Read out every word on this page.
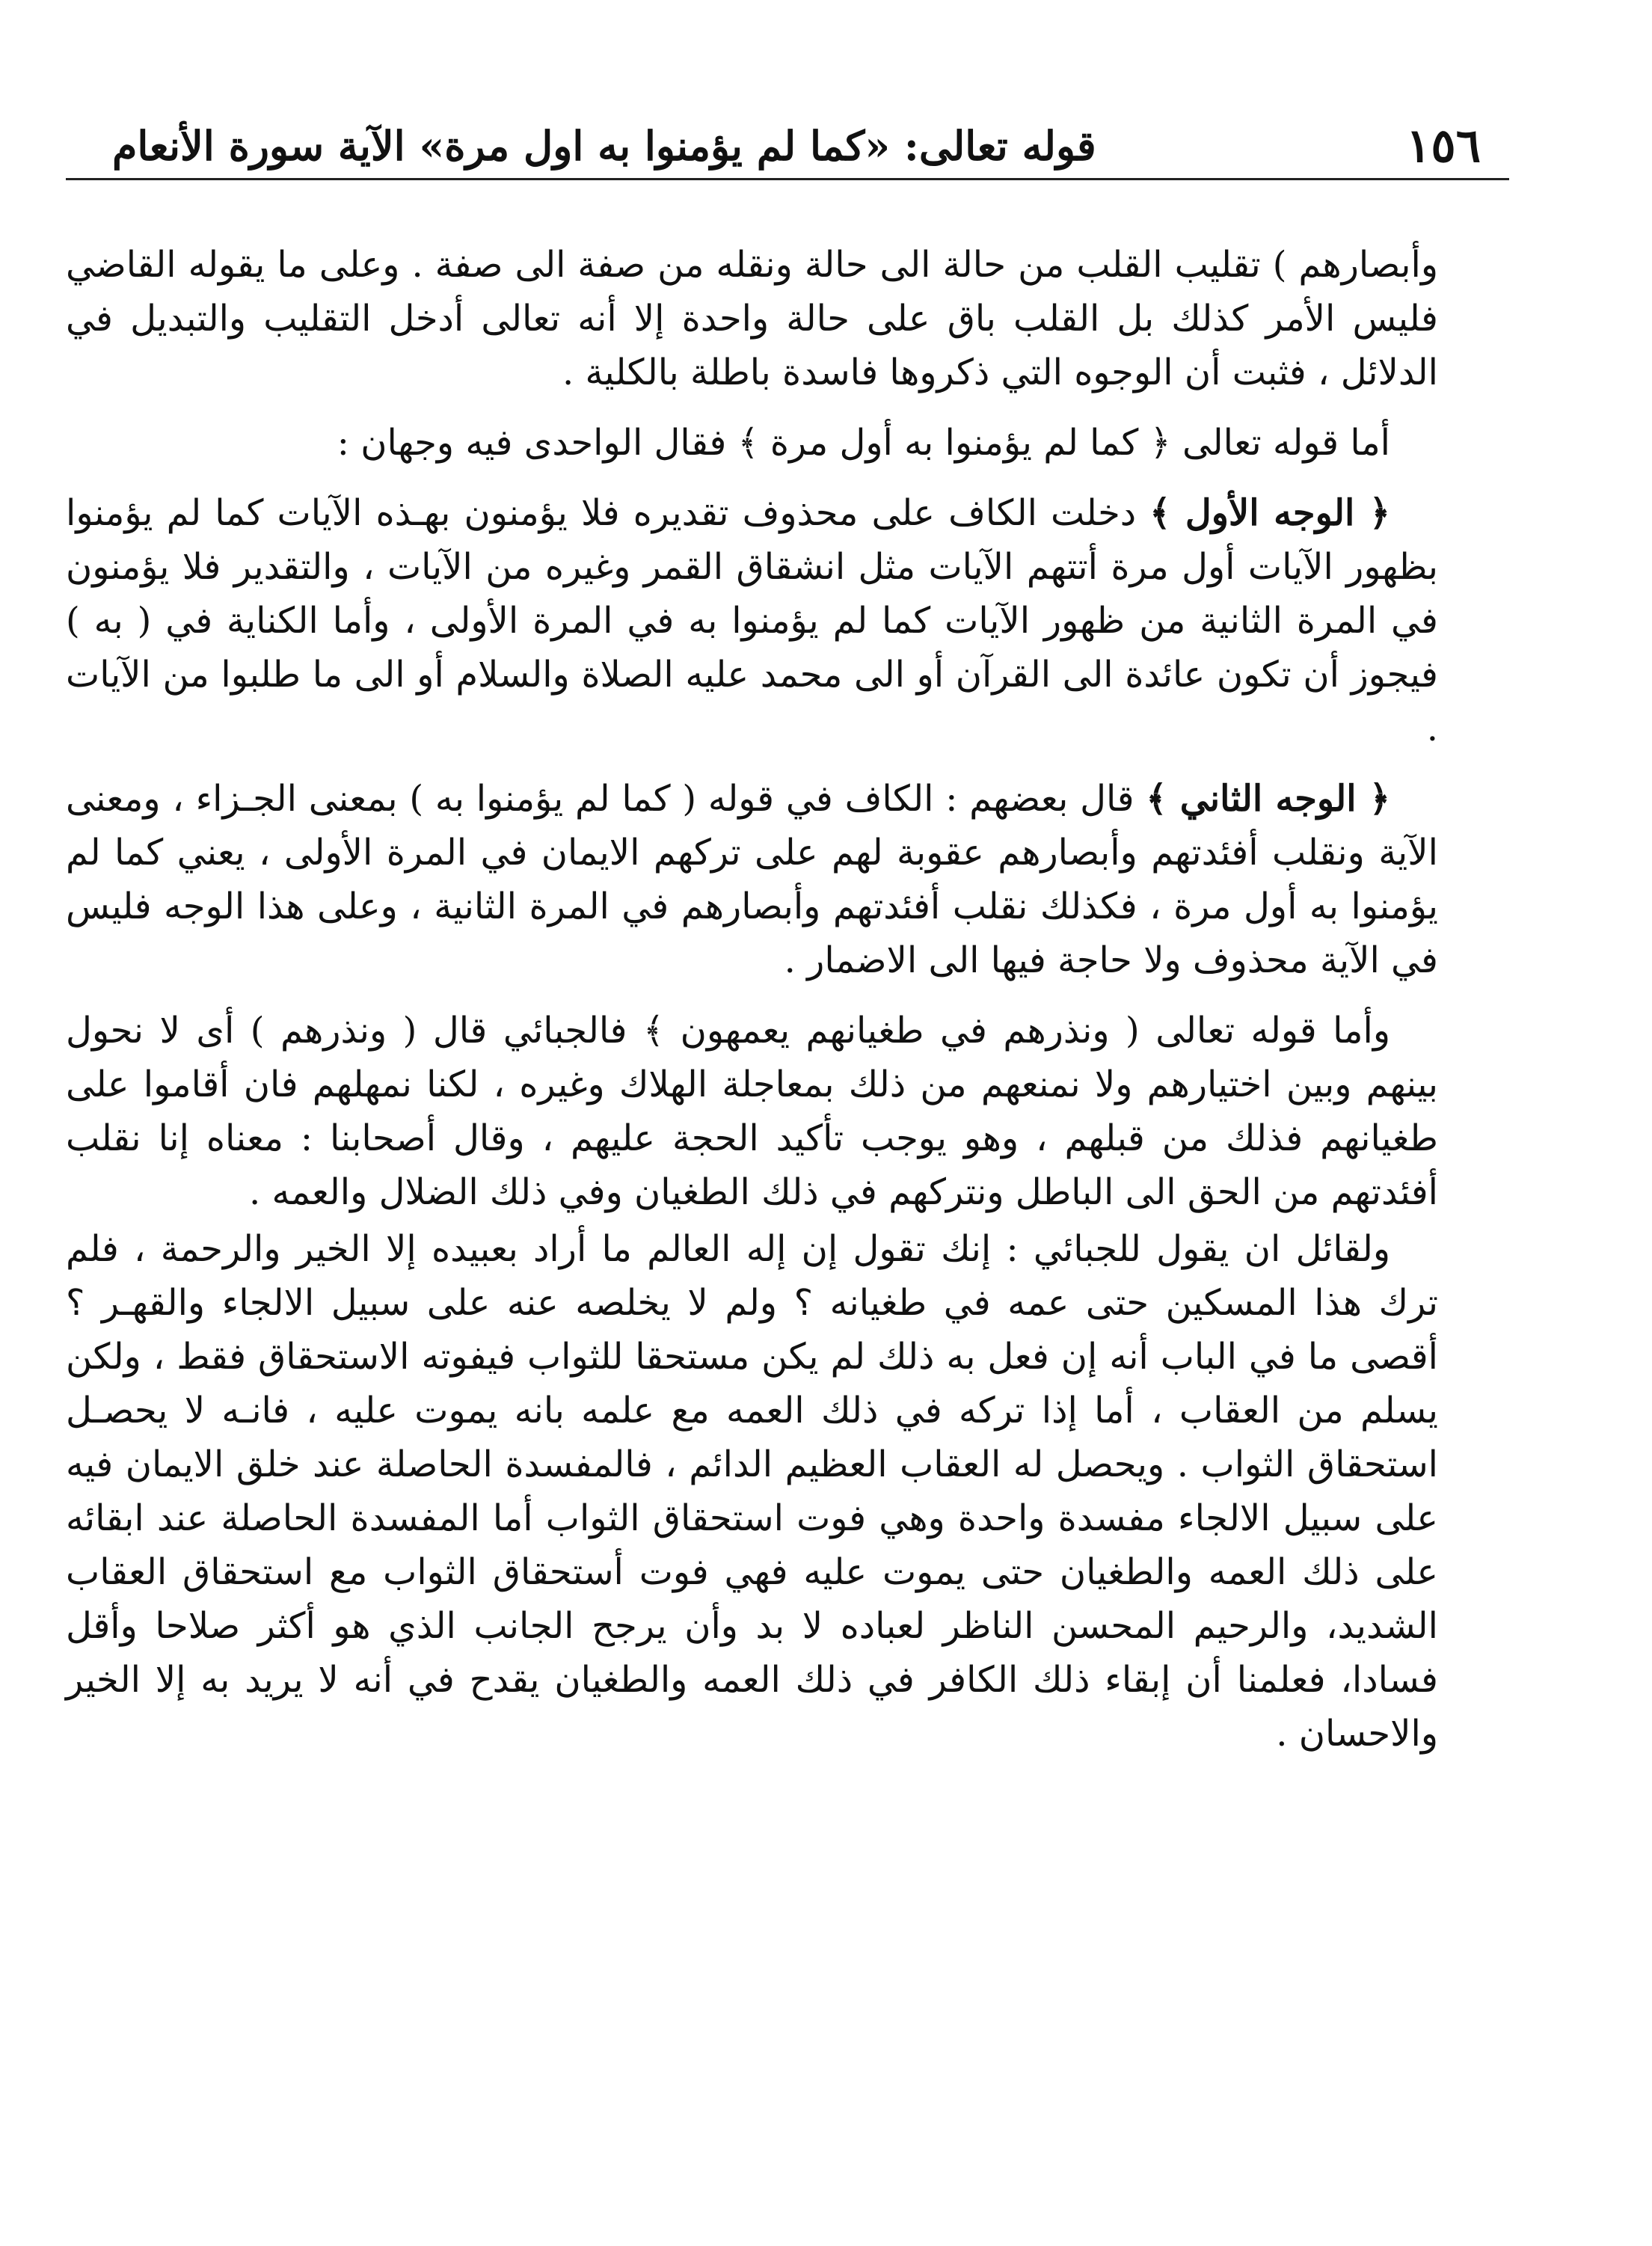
١٥٦
قوله تعالى: «كما لم يؤمنوا به اول مرة» الآية سورة الأنعام

وأبصارهم ) تقليب القلب من حالة الى حالة ونقله من صفة الى صفة . وعلى ما يقوله القاضي فليس الأمر كذلك بل القلب باق على حالة واحدة إلا أنه تعالى أدخل التقليب والتبديل في الدلائل ، فثبت أن الوجوه التي ذكروها فاسدة باطلة بالكلية .

أما قوله تعالى ﴿ كما لم يؤمنوا به أول مرة ﴾ فقال الواحدى فيه وجهان :

﴿ الوجه الأول ﴾ دخلت الكاف على محذوف تقديره فلا يؤمنون بهـذه الآيات كما لم يؤمنوا بظهور الآيات أول مرة أتتهم الآيات مثل انشقاق القمر وغيره من الآيات ، والتقدير فلا يؤمنون في المرة الثانية من ظهور الآيات كما لم يؤمنوا به في المرة الأولى ، وأما الكناية في ( به ) فيجوز أن تكون عائدة الى القرآن أو الى محمد عليه الصلاة والسلام أو الى ما طلبوا من الآيات .

﴿ الوجه الثاني ﴾ قال بعضهم : الكاف في قوله ( كما لم يؤمنوا به ) بمعنى الجـزاء ، ومعنى الآية ونقلب أفئدتهم وأبصارهم عقوبة لهم على تركهم الايمان في المرة الأولى ، يعني كما لم يؤمنوا به أول مرة ، فكذلك نقلب أفئدتهم وأبصارهم في المرة الثانية ، وعلى هذا الوجه فليس في الآية محذوف ولا حاجة فيها الى الاضمار .

وأما قوله تعالى ( ونذرهم في طغيانهم يعمهون ﴾ فالجبائي قال ( ونذرهم ) أى لا نحول بينهم وبين اختيارهم ولا نمنعهم من ذلك بمعاجلة الهلاك وغيره ، لكنا نمهلهم فان أقاموا على طغيانهم فذلك من قبلهم ، وهو يوجب تأكيد الحجة عليهم ، وقال أصحابنا : معناه إنا نقلب أفئدتهم من الحق الى الباطل ونتركهم في ذلك الطغيان وفي ذلك الضلال والعمه .

ولقائل ان يقول للجبائي : إنك تقول إن إله العالم ما أراد بعبيده إلا الخير والرحمة ، فلم ترك هذا المسكين حتى عمه في طغيانه ؟ ولم لا يخلصه عنه على سبيل الالجاء والقهـر ؟ أقصى ما في الباب أنه إن فعل به ذلك لم يكن مستحقا للثواب فيفوته الاستحقاق فقط ، ولكن يسلم من العقاب ، أما إذا تركه في ذلك العمه مع علمه بانه يموت عليه ، فانـه لا يحصـل استحقاق الثواب . ويحصل له العقاب العظيم الدائم ، فالمفسدة الحاصلة عند خلق الايمان فيه على سبيل الالجاء مفسدة واحدة وهي فوت استحقاق الثواب أما المفسدة الحاصلة عند ابقائه على ذلك العمه والطغيان حتى يموت عليه فهي فوت أستحقاق الثواب مع استحقاق العقاب الشديد، والرحيم المحسن الناظر لعباده لا بد وأن يرجح الجانب الذي هو أكثر صلاحا وأقل فسادا، فعلمنا أن إبقاء ذلك الكافر في ذلك العمه والطغيان يقدح في أنه لا يريد به إلا الخير والاحسان .
